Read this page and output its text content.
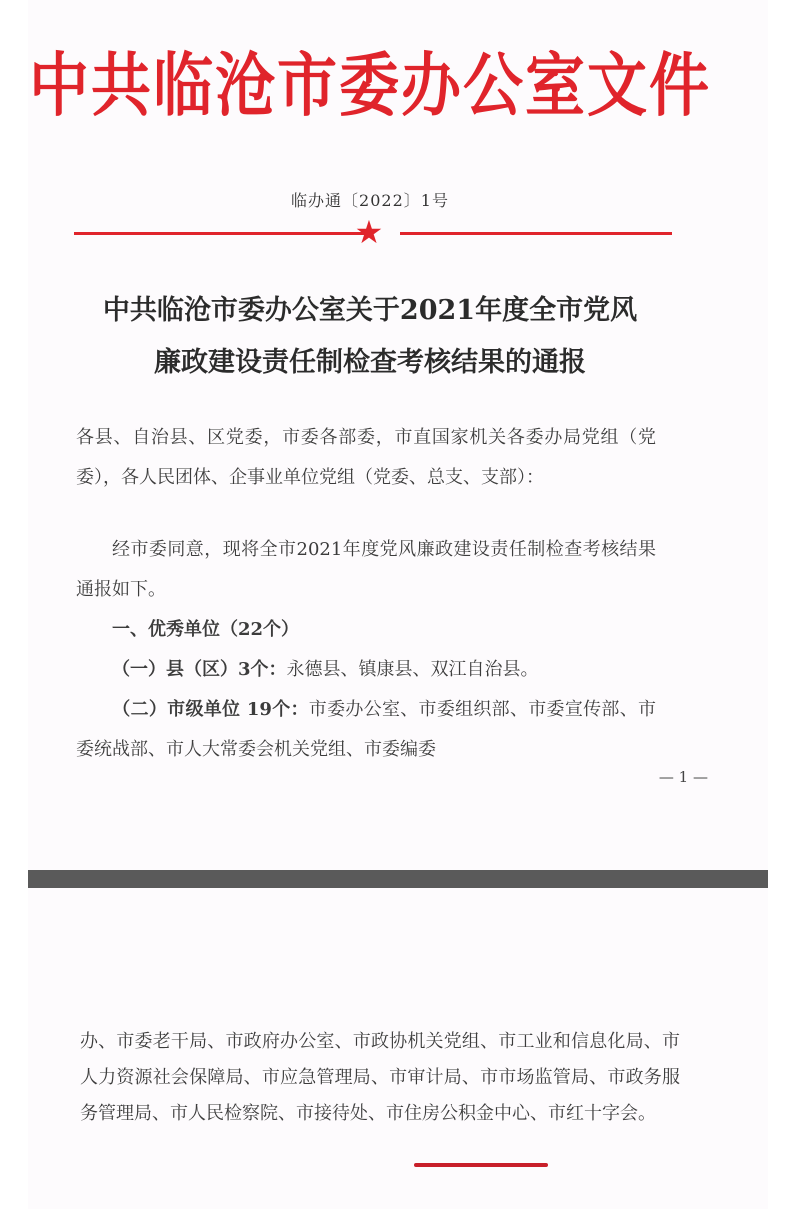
中共临沧市委办公室文件
临办通〔2022〕1号
★
中共临沧市委办公室关于2021年度全市党风
廉政建设责任制检查考核结果的通报
各县、自治县、区党委，市委各部委，市直国家机关各委办局党组（党委），各人民团体、企事业单位党组（党委、总支、支部）：
经市委同意，现将全市2021年度党风廉政建设责任制检查考核结果通报如下。
一、优秀单位（22个）
（一）县（区）3个：永德县、镇康县、双江自治县。
（二）市级单位 19个：市委办公室、市委组织部、市委宣传部、市委统战部、市人大常委会机关党组、市委编委
— 1 —
办、市委老干局、市政府办公室、市政协机关党组、市工业和信息化局、市人力资源社会保障局、市应急管理局、市审计局、市市场监管局、市政务服务管理局、市人民检察院、市接待处、市住房公积金中心、市红十字会。
